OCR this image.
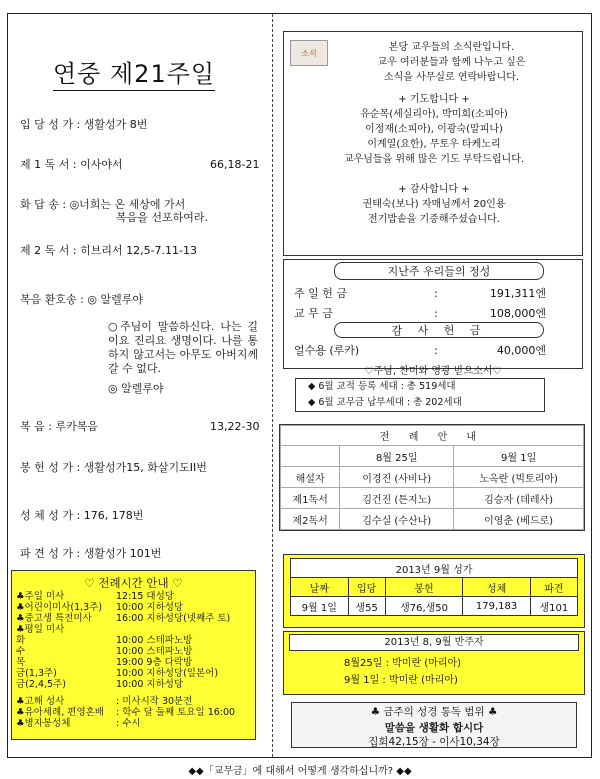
연중 제21주일
입 당 성 가 : 생활성가 8번
제 1 독 서 : 이사야서	66,18-21
화 답 송 : ◎너희는 온 세상에 가서
복음을 선포하여라.
제 2 독 서 : 히브리서 12,5-7.11-13
복음 환호송 : ◎ 알렐루야
○주님이 말씀하신다. 나는 길이요 진리요 생명이다. 나를 통하지 않고서는 아무도 아버지께 갈 수 없다.
◎ 알렐루야
복 음 : 루카복음	13,22-30
봉 헌 성 가 : 생활성가15, 화살기도II번
성 체 성 가 : 176, 178번
파 견 성 가 : 생활성가 101번
♡ 전례시간 안내 ♡
♣주일 미사	12:15 대성당
♣어린이미사(1,3주) 10:00 지하성당
♣중고생 특전미사	16:00 지하성당(넷째주 토)
♣평일 미사
화	10:00 스테파노방
수	10:00 스테파노방
목	19:00 9층 다락방
금(1,3주)	10:00 지하성당(일본어)
금(2,4,5주)	10:00 지하성당
♣고해 성사	: 미사시작 30분전
♣유아세례, 편영혼배 : 학수 달 둘째 토요일 16:00
♣병자봉성체	: 수시
소식
본당 교우들의 소식란입니다.
교우 여러분들과 함께 나누고 싶은
소식을 사무실로 연락바랍니다.
+ 기도합니다 +
유순목(세실리아), 박미희(소피아)
이정재(소피아), 이광숙(말피나)
이계열(요한), 무토우 타케노리
교우님들을 위해 많은 기도 부탁드립니다.
+ 감사합니다 +
권태숙(보나) 자매님께서 20인용
전기밥솥을 기증해주셨습니다.
지난주 우리들의 정성
주 일 헌 금	:	191,311엔
교 무 금	:	108,000엔
감 사 헌 금
얼수용 (루카)	:	40,000엔
♡주님, 찬미와 영광 받으소서♡
◆ 6월 교적 등록 세대 : 총 519세대
◆ 6월 교무금 납부세대 : 총 202세대
전 례 안 내		
	8월 25일	9월 1일
해설자	이경진 (사비나)	노옥란 (빅토리아)
제1독서	김건진 (튼지노)	김승자 (데레사)
제2독서	김수실 (수산나)	이영춘 (베드로)
2013년 9월 성가				
날짜	입당	봉헌	성체	파견
9월 1일	생55	생76,생50	179,183	생101
2013년 8, 9월 반주자
8월25일 : 박미란 (마리아)
9월 1일 : 박미란 (마리아)
♣ 금주의 성경 통독 범위 ♣
말씀을 생활화 합시다
집회42,15장 - 이사10,34장
◆◆「교무금」에 대해서 어떻게 생각하십니까? ◆◆
